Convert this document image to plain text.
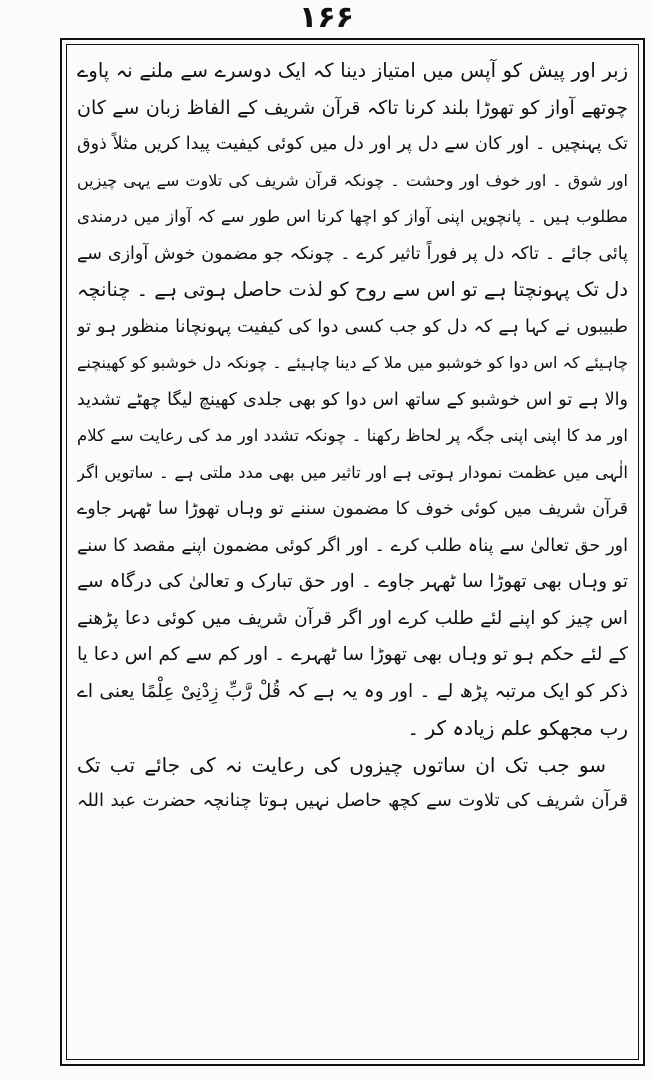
۱۶۶
زبر اور پیش کو آپس میں امتیاز دینا کہ ایک دوسرے سے ملنے نہ پاوے
چوتھے آواز کو تھوڑا بلند کرنا تاکہ قرآن شریف کے الفاظ زبان سے کان
تک پہنچیں ۔ اور کان سے دل پر اور دل میں کوئی کیفیت پیدا کریں مثلاً ذوق
اور شوق ۔ اور خوف اور وحشت ۔ چونکہ قرآن شریف کی تلاوت سے یہی چیزیں
مطلوب ہیں ۔ پانچویں اپنی آواز کو اچھا کرنا اس طور سے کہ آواز میں درمندی
پائی جائے ۔ تاکہ دل پر فوراً تاثیر کرے ۔ چونکہ جو مضمون خوش آوازی سے
دل تک پہونچتا ہے تو اس سے روح کو لذت حاصل ہوتی ہے ۔ چنانچہ
طبیبوں نے کہا ہے کہ دل کو جب کسی دوا کی کیفیت پہونچانا منظور ہو تو
چاہیئے کہ اس دوا کو خوشبو میں ملا کے دینا چاہیئے ۔ چونکہ دل خوشبو کو کھینچنے
والا ہے تو اس خوشبو کے ساتھ اس دوا کو بھی جلدی کھینچ لیگا چھٹے تشدید
اور مد کا اپنی اپنی جگہ پر لحاظ رکھنا ۔ چونکہ تشدد اور مد کی رعایت سے کلام
الٰہی میں عظمت نمودار ہوتی ہے اور تاثیر میں بھی مدد ملتی ہے ۔ ساتویں اگر
قرآن شریف میں کوئی خوف کا مضمون سننے تو وہاں تھوڑا سا ٹھہر جاوے
اور حق تعالیٰ سے پناہ طلب کرے ۔ اور اگر کوئی مضمون اپنے مقصد کا سنے
تو وہاں بھی تھوڑا سا ٹھہر جاوے ۔ اور حق تبارک و تعالیٰ کی درگاہ سے
اس چیز کو اپنے لئے طلب کرے اور اگر قرآن شریف میں کوئی دعا پڑھنے
کے لئے حکم ہو تو وہاں بھی تھوڑا سا ٹھہرے ۔ اور کم سے کم اس دعا یا
ذکر کو ایک مرتبہ پڑھ لے ۔ اور وہ یہ ہے کہ قُلْ رَّبِّ زِدْنِیْ عِلْمًا یعنی اے
رب مجھکو علم زیادہ کر ۔
سو جب تک ان ساتوں چیزوں کی رعایت نہ کی جائے تب تک
قرآن شریف کی تلاوت سے کچھ حاصل نہیں ہوتا چنانچہ حضرت عبد اللہ
